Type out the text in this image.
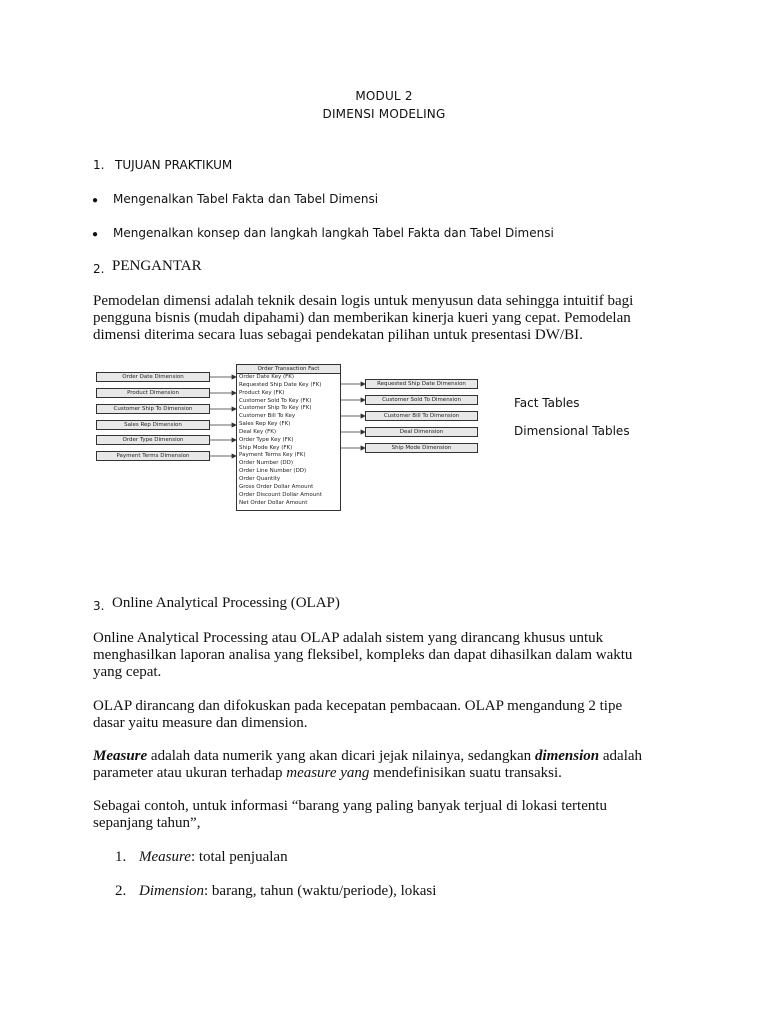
MODUL 2
DIMENSI MODELING
1. TUJUAN PRAKTIKUM
● Mengenalkan Tabel Fakta dan Tabel Dimensi
● Mengenalkan konsep dan langkah langkah Tabel Fakta dan Tabel Dimensi
2. PENGANTAR

Pemodelan dimensi adalah teknik desain logis untuk menyusun data sehingga intuitif bagi

pengguna bisnis (mudah dipahami) dan memberikan kinerja kueri yang cepat. Pemodelan

dimensi diterima secara luas sebagai pendekatan pilihan untuk presentasi DW/BI.

Order Date Dimension
Product Dimension
Customer Ship To Dimension
Sales Rep Dimension
Order Type Dimension
Payment Terms Dimension
Order Transaction Fact
Order Date Key (FK)
Requested Ship Date Key (FK)
Product Key (FK)
Customer Sold To Key (FK)
Customer Ship To Key (FK)
Customer Bill To Key
Sales Rep Key (FK)
Deal Key (FK)
Order Type Key (FK)
Ship Mode Key (FK)
Payment Terms Key (FK)
Order Number (DD)
Order Line Number (DD)
Order Quantity
Gross Order Dollar Amount
Order Discount Dollar Amount
Net Order Dollar Amount
Requested Ship Date Dimension
Customer Sold To Dimension
Customer Bill To Dimension
Deal Dimension
Ship Mode Dimension
Fact Tables
Dimensional Tables
3. Online Analytical Processing (OLAP)

Online Analytical Processing atau OLAP adalah sistem yang dirancang khusus untuk

menghasilkan laporan analisa yang fleksibel, kompleks dan dapat dihasilkan dalam waktu

yang cepat.

OLAP dirancang dan difokuskan pada kecepatan pembacaan. OLAP mengandung 2 tipe

dasar yaitu measure dan dimension.

Measure adalah data numerik yang akan dicari jejak nilainya, sedangkan dimension adalah

parameter atau ukuran terhadap measure yang mendefinisikan suatu transaksi.

Sebagai contoh, untuk informasi “barang yang paling banyak terjual di lokasi tertentu

sepanjang tahun”,

1. Measure: total penjualan
2. Dimension: barang, tahun (waktu/periode), lokasi
